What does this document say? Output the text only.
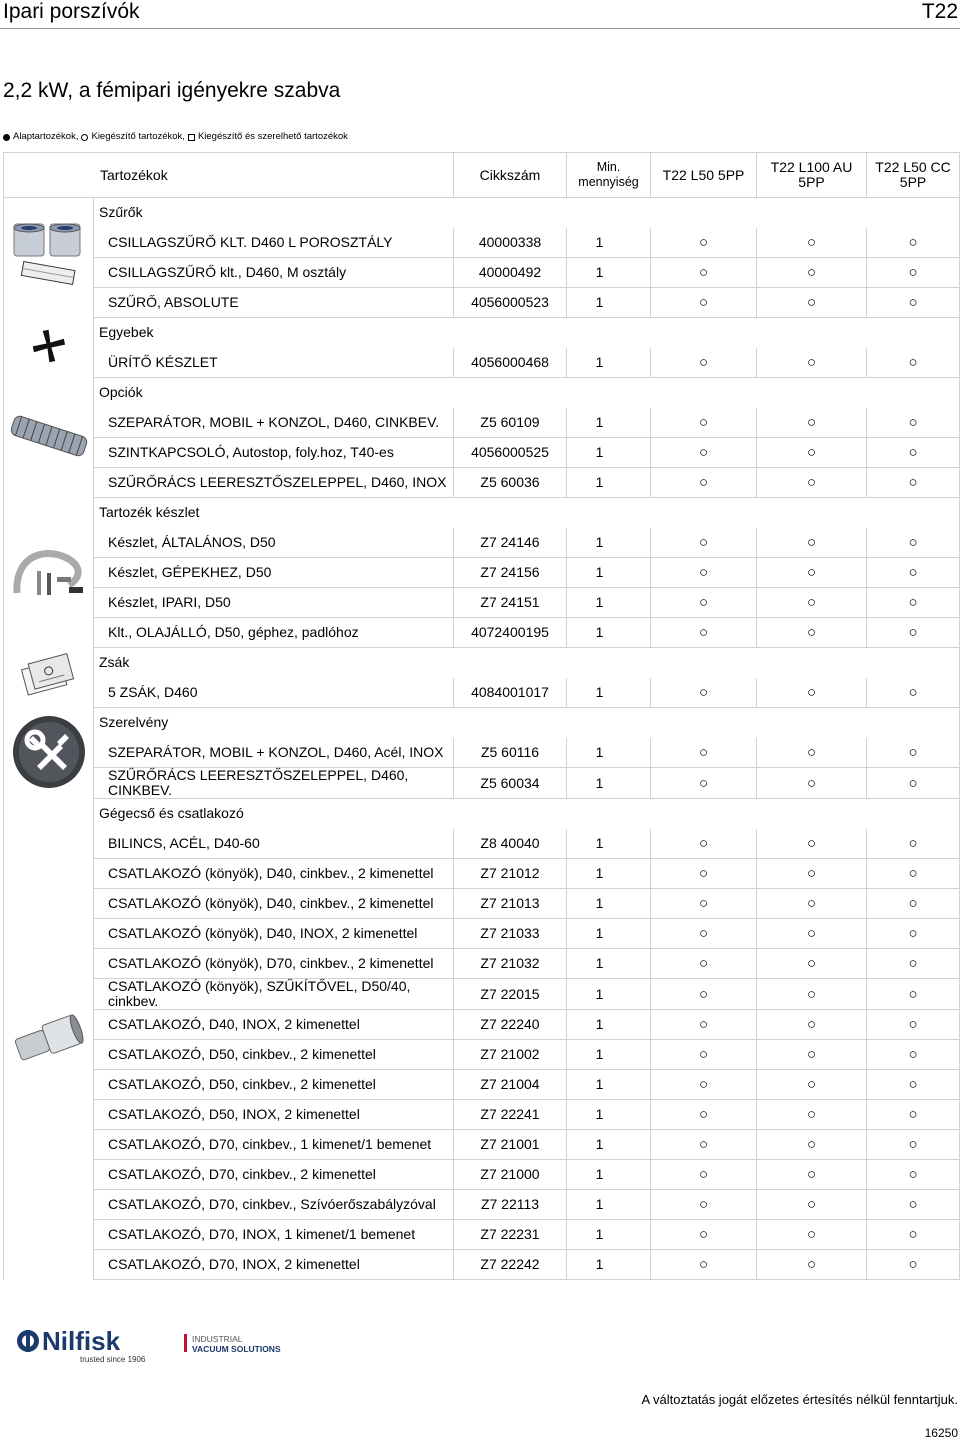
Ipari porszívók	T22
2,2 kW, a fémipari igényekre szabva
Alaptartozékok, Kiegészítő tartozékok, Kiegészítő és szerelhető tartozékok
Tartozékok		Cikkszám	Min. mennyiség	T22 L50 5PP	T22 L100 AU 5PP	T22 L50 CC 5PP
	Szűrők					
	CSILLAGSZŰRŐ KLT. D460 L POROSZTÁLY	40000338	1	○	○	○
	CSILLAGSZŰRŐ klt., D460, M osztály	40000492	1	○	○	○
	SZŰRŐ, ABSOLUTE	4056000523	1	○	○	○
	Egyebek					
	ÜRÍTŐ KÉSZLET	4056000468	1	○	○	○
	Opciók					
	SZEPARÁTOR, MOBIL + KONZOL, D460, CINKBEV.	Z5 60109	1	○	○	○
	SZINTKAPCSOLÓ, Autostop, foly.hoz, T40-es	4056000525	1	○	○	○
	SZŰRŐRÁCS LEERESZTŐSZELEPPEL, D460, INOX	Z5 60036	1	○	○	○
	Tartozék készlet					
	Készlet, ÁLTALÁNOS, D50	Z7 24146	1	○	○	○
	Készlet, GÉPEKHEZ, D50	Z7 24156	1	○	○	○
	Készlet, IPARI, D50	Z7 24151	1	○	○	○
	Klt., OLAJÁLLÓ, D50, géphez, padlóhoz	4072400195	1	○	○	○
	Zsák					
	5 ZSÁK, D460	4084001017	1	○	○	○
	Szerelvény					
	SZEPARÁTOR, MOBIL + KONZOL, D460, Acél, INOX	Z5 60116	1	○	○	○
	SZŰRŐRÁCS LEERESZTŐSZELEPPEL, D460, CINKBEV.	Z5 60034	1	○	○	○
	Gégecső és csatlakozó					
	BILINCS, ACÉL, D40-60	Z8 40040	1	○	○	○
	CSATLAKOZÓ (könyök), D40, cinkbev., 2 kimenettel	Z7 21012	1	○	○	○
	CSATLAKOZÓ (könyök), D40, cinkbev., 2 kimenettel	Z7 21013	1	○	○	○
	CSATLAKOZÓ (könyök), D40, INOX, 2 kimenettel	Z7 21033	1	○	○	○
	CSATLAKOZÓ (könyök), D70, cinkbev., 2 kimenettel	Z7 21032	1	○	○	○
	CSATLAKOZÓ (könyök), SZŰKÍTŐVEL, D50/40, cinkbev.	Z7 22015	1	○	○	○
	CSATLAKOZÓ, D40, INOX, 2 kimenettel	Z7 22240	1	○	○	○
	CSATLAKOZÓ, D50, cinkbev., 2 kimenettel	Z7 21002	1	○	○	○
	CSATLAKOZÓ, D50, cinkbev., 2 kimenettel	Z7 21004	1	○	○	○
	CSATLAKOZÓ, D50, INOX, 2 kimenettel	Z7 22241	1	○	○	○
	CSATLAKOZÓ, D70, cinkbev., 1 kimenet/1 bemenet	Z7 21001	1	○	○	○
	CSATLAKOZÓ, D70, cinkbev., 2 kimenettel	Z7 21000	1	○	○	○
	CSATLAKOZÓ, D70, cinkbev., Szívóerőszabályzóval	Z7 22113	1	○	○	○
	CSATLAKOZÓ, D70, INOX, 1 kimenet/1 bemenet	Z7 22231	1	○	○	○
	CSATLAKOZÓ, D70, INOX, 2 kimenettel	Z7 22242	1	○	○	○
Nilfisk
trusted since 1906
INDUSTRIAL
VACUUM SOLUTIONS
A változtatás jogát előzetes értesítés nélkül fenntartjuk.
16250
